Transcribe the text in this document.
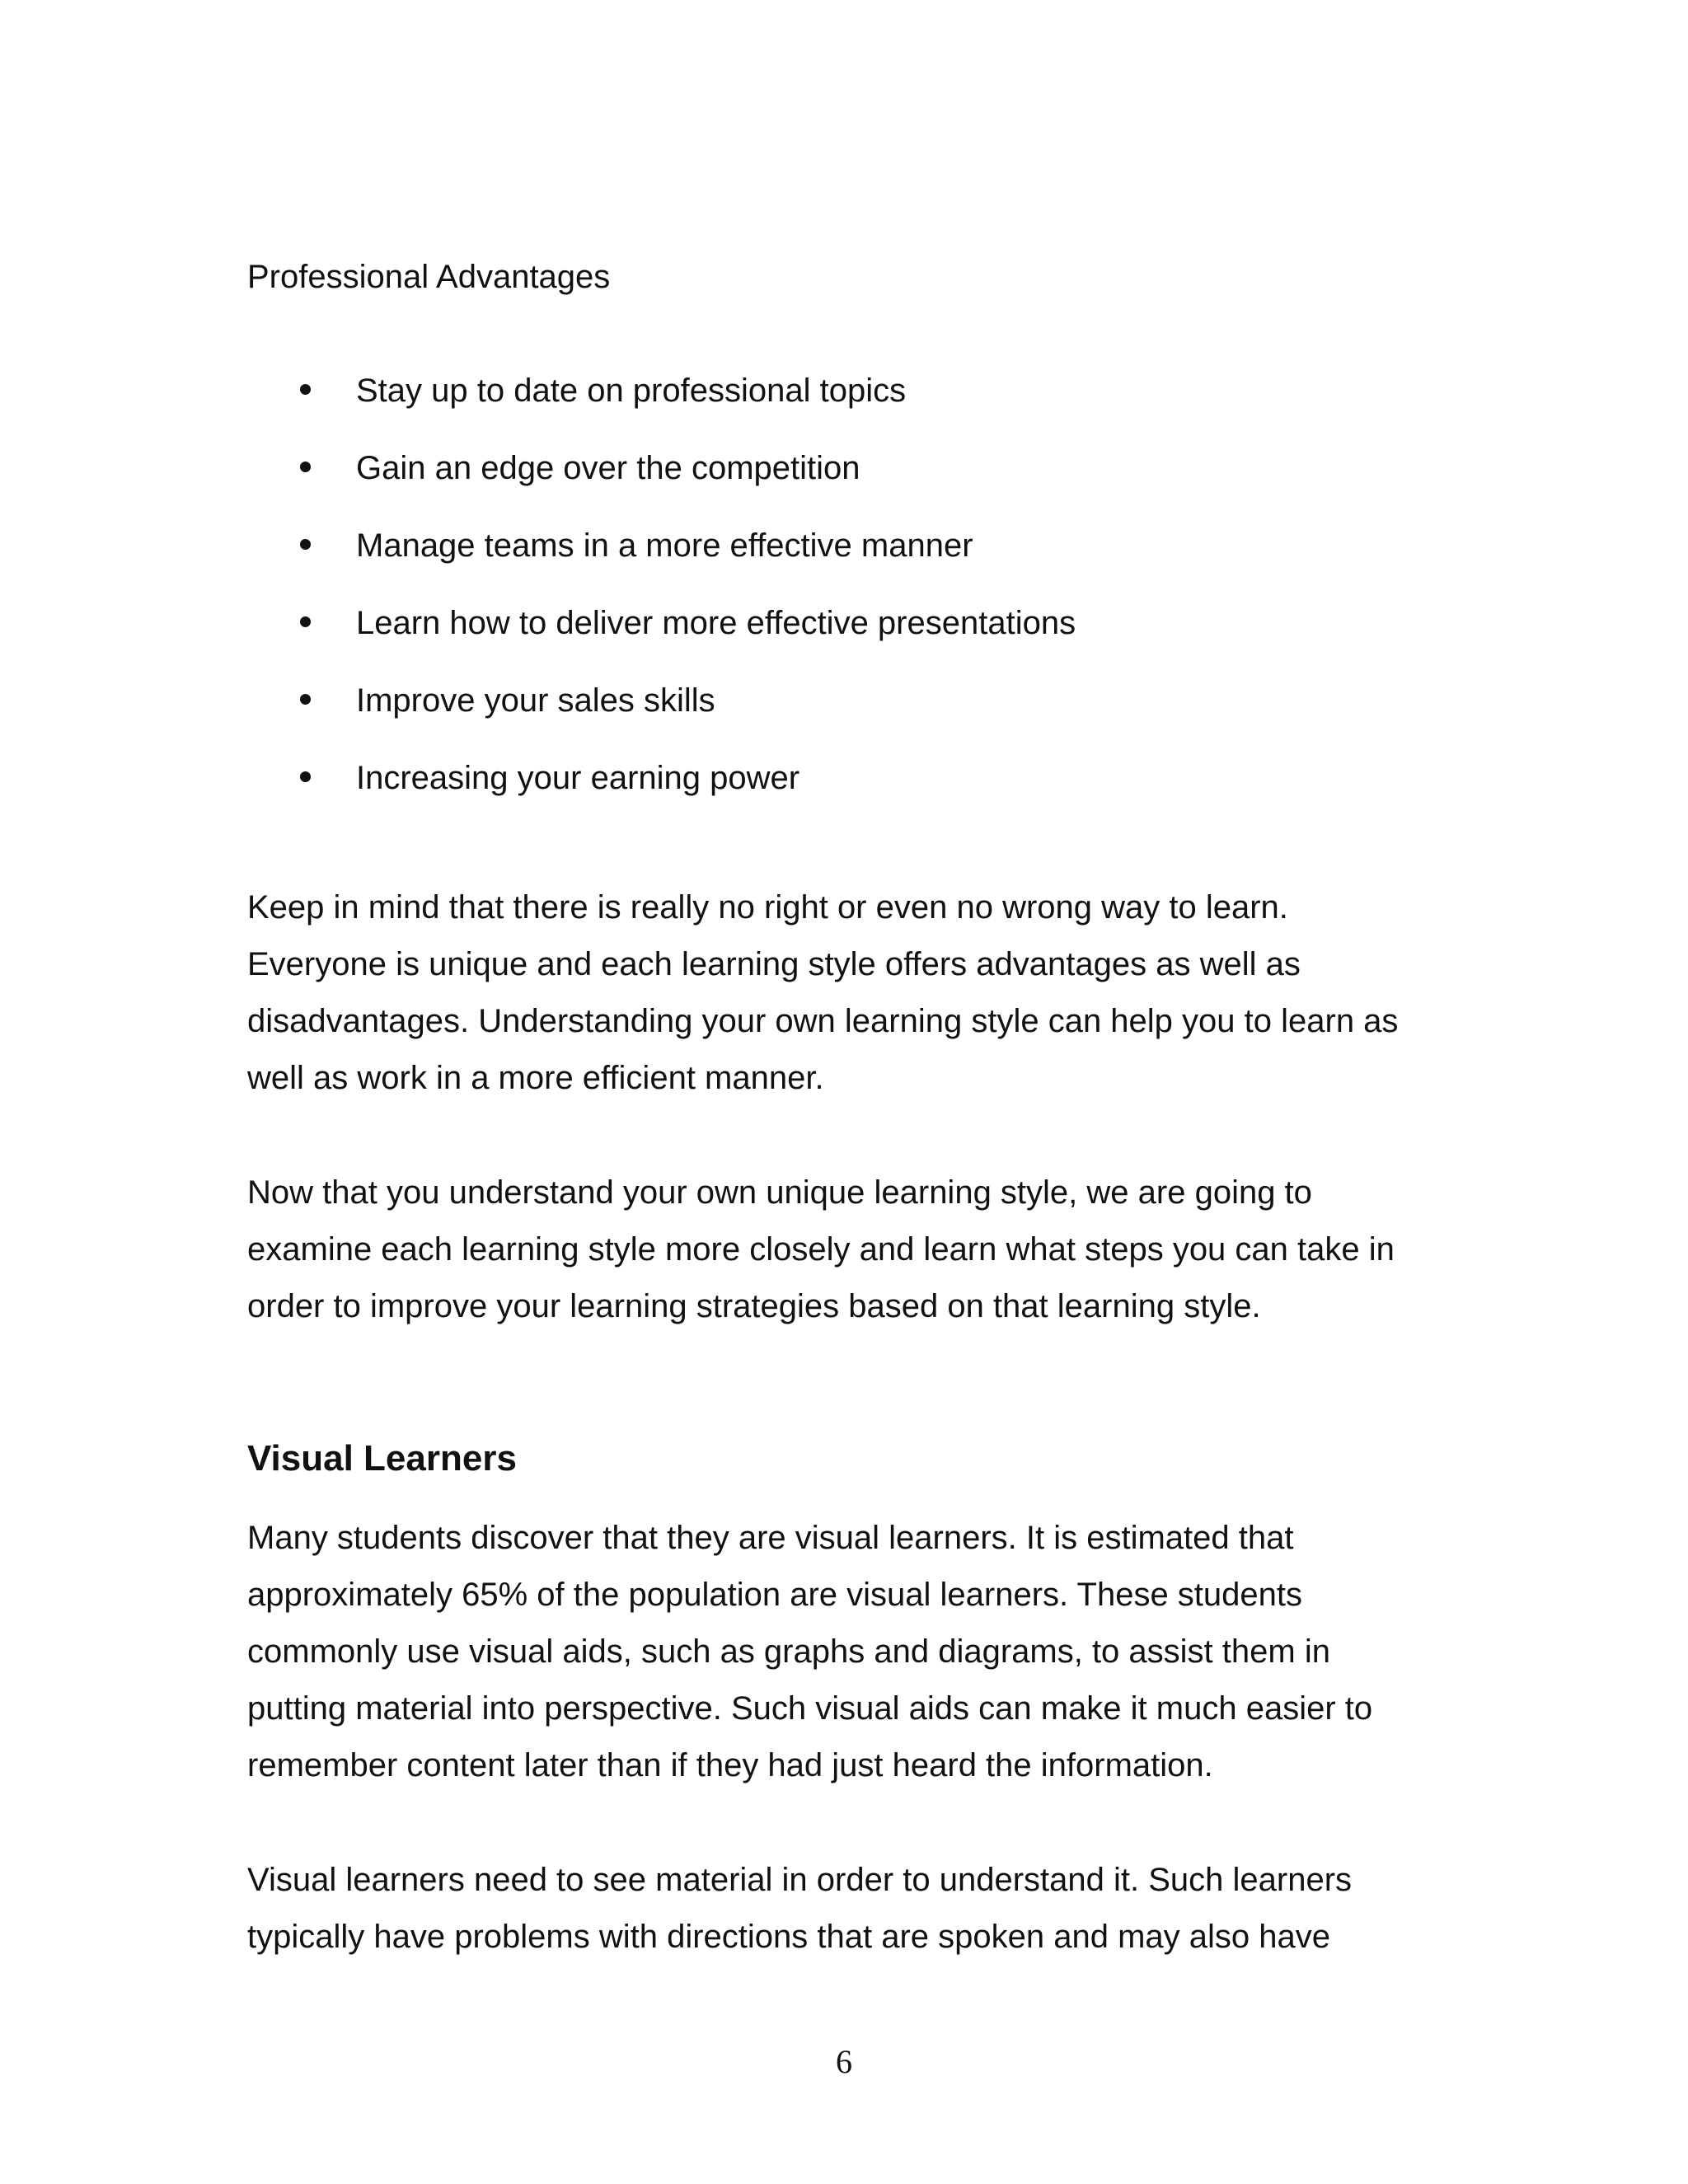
Professional Advantages
Stay up to date on professional topics
Gain an edge over the competition
Manage teams in a more effective manner
Learn how to deliver more effective presentations
Improve your sales skills
Increasing your earning power
Keep in mind that there is really no right or even no wrong way to learn.
Everyone is unique and each learning style offers advantages as well as
disadvantages. Understanding your own learning style can help you to learn as
well as work in a more efficient manner.
Now that you understand your own unique learning style, we are going to
examine each learning style more closely and learn what steps you can take in
order to improve your learning strategies based on that learning style.
Visual Learners
Many students discover that they are visual learners. It is estimated that
approximately 65% of the population are visual learners. These students
commonly use visual aids, such as graphs and diagrams, to assist them in
putting material into perspective. Such visual aids can make it much easier to
remember content later than if they had just heard the information.
Visual learners need to see material in order to understand it. Such learners
typically have problems with directions that are spoken and may also have
6
